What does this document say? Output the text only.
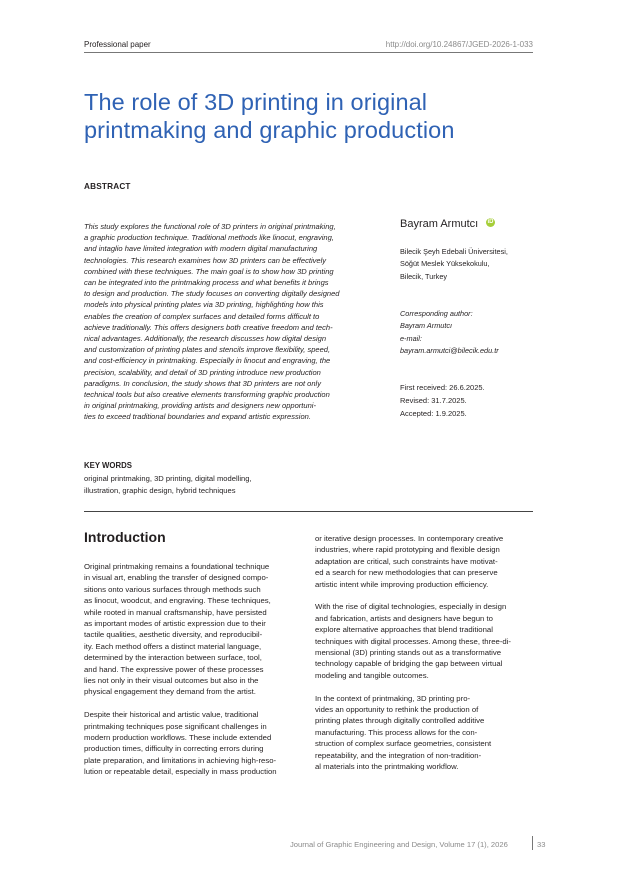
Professional paper	http://doi.org/10.24867/JGED-2026-1-033
The role of 3D printing in original
printmaking and graphic production
ABSTRACT
This study explores the functional role of 3D printers in original printmaking,
a graphic production technique. Traditional methods like linocut, engraving,
and intaglio have limited integration with modern digital manufacturing
technologies. This research examines how 3D printers can be effectively
combined with these techniques. The main goal is to show how 3D printing
can be integrated into the printmaking process and what benefits it brings
to design and production. The study focuses on converting digitally designed
models into physical printing plates via 3D printing, highlighting how this
enables the creation of complex surfaces and detailed forms difficult to
achieve traditionally. This offers designers both creative freedom and tech-
nical advantages. Additionally, the research discusses how digital design
and customization of printing plates and stencils improve flexibility, speed,
and cost-efficiency in printmaking. Especially in linocut and engraving, the
precision, scalability, and detail of 3D printing introduce new production
paradigms. In conclusion, the study shows that 3D printers are not only
technical tools but also creative elements transforming graphic production
in original printmaking, providing artists and designers new opportuni-
ties to exceed traditional boundaries and expand artistic expression.
KEY WORDS
original printmaking, 3D printing, digital modelling,
illustration, graphic design, hybrid techniques
Bayram Armutcı iD
Bilecik Şeyh Edebali Üniversitesi,
Söğüt Meslek Yüksekokulu,
Bilecik, Turkey
Corresponding author:
Bayram Armutcı
e-mail:
bayram.armutci@bilecik.edu.tr
First received: 26.6.2025.
Revised: 31.7.2025.
Accepted: 1.9.2025.
Introduction
Original printmaking remains a foundational technique
in visual art, enabling the transfer of designed compo-
sitions onto various surfaces through methods such
as linocut, woodcut, and engraving. These techniques,
while rooted in manual craftsmanship, have persisted
as important modes of artistic expression due to their
tactile qualities, aesthetic diversity, and reproducibil-
ity. Each method offers a distinct material language,
determined by the interaction between surface, tool,
and hand. The expressive power of these processes
lies not only in their visual outcomes but also in the
physical engagement they demand from the artist.
Despite their historical and artistic value, traditional
printmaking techniques pose significant challenges in
modern production workflows. These include extended
production times, difficulty in correcting errors during
plate preparation, and limitations in achieving high-reso-
lution or repeatable detail, especially in mass production
or iterative design processes. In contemporary creative
industries, where rapid prototyping and flexible design
adaptation are critical, such constraints have motivat-
ed a search for new methodologies that can preserve
artistic intent while improving production efficiency.
With the rise of digital technologies, especially in design
and fabrication, artists and designers have begun to
explore alternative approaches that blend traditional
techniques with digital processes. Among these, three-di-
mensional (3D) printing stands out as a transformative
technology capable of bridging the gap between virtual
modeling and tangible outcomes.
In the context of printmaking, 3D printing pro-
vides an opportunity to rethink the production of
printing plates through digitally controlled additive
manufacturing. This process allows for the con-
struction of complex surface geometries, consistent
repeatability, and the integration of non-tradition-
al materials into the printmaking workflow.
Journal of Graphic Engineering and Design, Volume 17 (1), 2026	33
